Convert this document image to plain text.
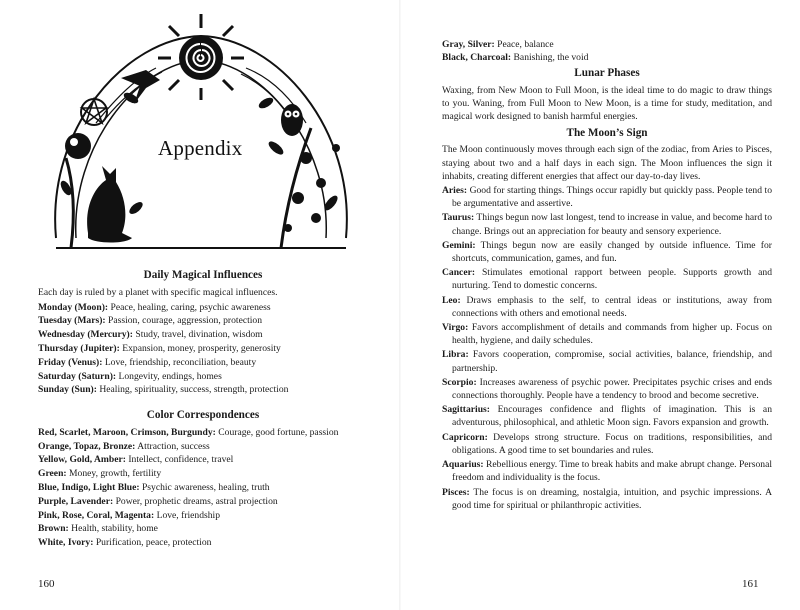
Appendix
Daily Magical Influences

Each day is ruled by a planet with specific magical influences.

Monday (Moon): Peace, healing, caring, psychic awareness

Tuesday (Mars): Passion, courage, aggression, protection

Wednesday (Mercury): Study, travel, divination, wisdom

Thursday (Jupiter): Expansion, money, prosperity, generosity

Friday (Venus): Love, friendship, reconciliation, beauty

Saturday (Saturn): Longevity, endings, homes

Sunday (Sun): Healing, spirituality, success, strength, protection

Color Correspondences

Red, Scarlet, Maroon, Crimson, Burgundy: Courage, good fortune, passion

Orange, Topaz, Bronze: Attraction, success

Yellow, Gold, Amber: Intellect, confidence, travel

Green: Money, growth, fertility

Blue, Indigo, Light Blue: Psychic awareness, healing, truth

Purple, Lavender: Power, prophetic dreams, astral projection

Pink, Rose, Coral, Magenta: Love, friendship

Brown: Health, stability, home

White, Ivory: Purification, peace, protection

160

Gray, Silver: Peace, balance

Black, Charcoal: Banishing, the void

Lunar Phases

Waxing, from New Moon to Full Moon, is the ideal time to do magic to draw things to you. Waning, from Full Moon to New Moon, is a time for study, meditation, and magical work designed to banish harmful energies.

The Moon’s Sign

The Moon continuously moves through each sign of the zodiac, from Aries to Pisces, staying about two and a half days in each sign. The Moon influences the sign it inhabits, creating different energies that affect our day-to-day lives.

Aries: Good for starting things. Things occur rapidly but quickly pass. People tend to be argumentative and assertive.

Taurus: Things begun now last longest, tend to increase in value, and become hard to change. Brings out an appreciation for beauty and sensory experience.

Gemini: Things begun now are easily changed by outside influence. Time for shortcuts, communication, games, and fun.

Cancer: Stimulates emotional rapport between people. Supports growth and nurturing. Tend to domestic concerns.

Leo: Draws emphasis to the self, to central ideas or institutions, away from connections with others and emotional needs.

Virgo: Favors accomplishment of details and commands from higher up. Focus on health, hygiene, and daily schedules.

Libra: Favors cooperation, compromise, social activities, balance, friendship, and partnership.

Scorpio: Increases awareness of psychic power. Precipitates psychic crises and ends connections thoroughly. People have a tendency to brood and become secretive.

Sagittarius: Encourages confidence and flights of imagination. This is an adventurous, philosophical, and athletic Moon sign. Favors expansion and growth.

Capricorn: Develops strong structure. Focus on traditions, responsibilities, and obligations. A good time to set boundaries and rules.

Aquarius: Rebellious energy. Time to break habits and make abrupt change. Personal freedom and individuality is the focus.

Pisces: The focus is on dreaming, nostalgia, intuition, and psychic impressions. A good time for spiritual or philanthropic activities.

161
